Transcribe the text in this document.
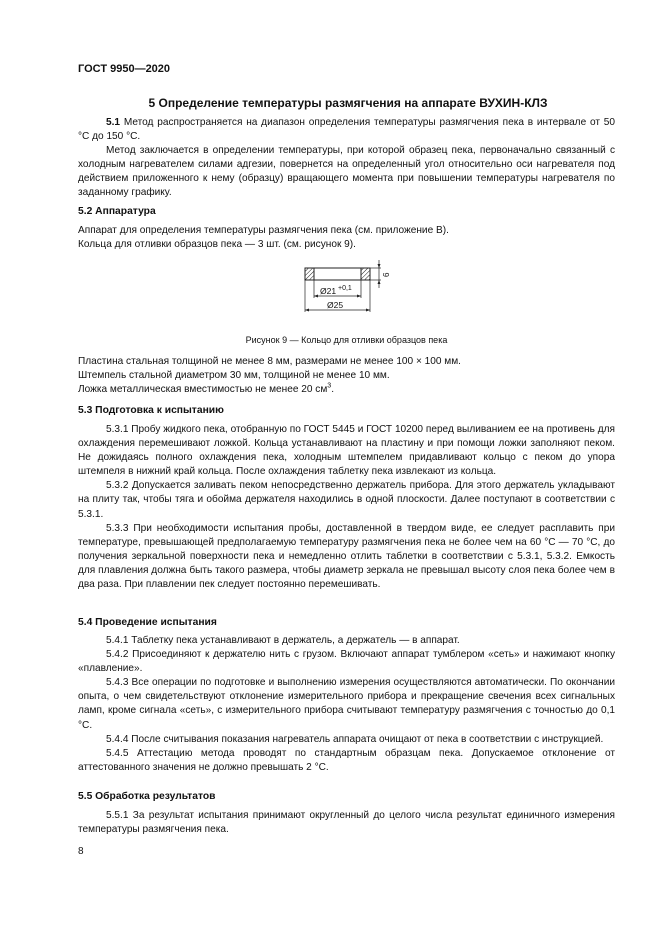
ГОСТ 9950—2020
5 Определение температуры размягчения на аппарате ВУХИН-КЛЗ

5.1 Метод распространяется на диапазон определения температуры размягчения пека в интервале от 50 °С до 150 °С.

Метод заключается в определении температуры, при которой образец пека, первоначально связанный с холодным нагревателем силами адгезии, повернется на определенный угол относительно оси нагревателя под действием приложенного к нему (образцу) вращающего момента при повышении температуры нагревателя по заданному графику.

5.2 Аппаратура

Аппарат для определения температуры размягчения пека (см. приложение В).

Кольца для отливки образцов пека — 3 шт. (см. рисунок 9).

Ø21 +0,1
Ø25
6
Рисунок 9 — Кольцо для отливки образцов пека

Пластина стальная толщиной не менее 8 мм, размерами не менее 100 × 100 мм.

Штемпель стальной диаметром 30 мм, толщиной не менее 10 мм.

Ложка металлическая вместимостью не менее 20 $см^3$.

5.3 Подготовка к испытанию

5.3.1 Пробу жидкого пека, отобранную по ГОСТ 5445 и ГОСТ 10200 перед выливанием ее на противень для охлаждения перемешивают ложкой. Кольца устанавливают на пластину и при помощи ложки заполняют пеком. Не дожидаясь полного охлаждения пека, холодным штемпелем придавливают кольцо с пеком до упора штемпеля в нижний край кольца. После охлаждения таблетку пека извлекают из кольца.

5.3.2 Допускается заливать пеком непосредственно держатель прибора. Для этого держатель укладывают на плиту так, чтобы тяга и обойма держателя находились в одной плоскости. Далее поступают в соответствии с 5.3.1.

5.3.3 При необходимости испытания пробы, доставленной в твердом виде, ее следует расплавить при температуре, превышающей предполагаемую температуру размягчения пека не более чем на 60 °С — 70 °С, до получения зеркальной поверхности пека и немедленно отлить таблетки в соответствии с 5.3.1, 5.3.2. Емкость для плавления должна быть такого размера, чтобы диаметр зеркала не превышал высоту слоя пека более чем в два раза. При плавлении пек следует постоянно перемешивать.

5.4 Проведение испытания

5.4.1 Таблетку пека устанавливают в держатель, а держатель — в аппарат.

5.4.2 Присоединяют к держателю нить с грузом. Включают аппарат тумблером «сеть» и нажимают кнопку «плавление».

5.4.3 Все операции по подготовке и выполнению измерения осуществляются автоматически. По окончании опыта, о чем свидетельствуют отклонение измерительного прибора и прекращение свечения всех сигнальных ламп, кроме сигнала «сеть», с измерительного прибора считывают температуру размягчения с точностью до 0,1 °С.

5.4.4 После считывания показания нагреватель аппарата очищают от пека в соответствии с инструкцией.

5.4.5 Аттестацию метода проводят по стандартным образцам пека. Допускаемое отклонение от аттестованного значения не должно превышать 2 °С.

5.5 Обработка результатов

5.5.1 За результат испытания принимают округленный до целого числа результат единичного измерения температуры размягчения пека.

8
